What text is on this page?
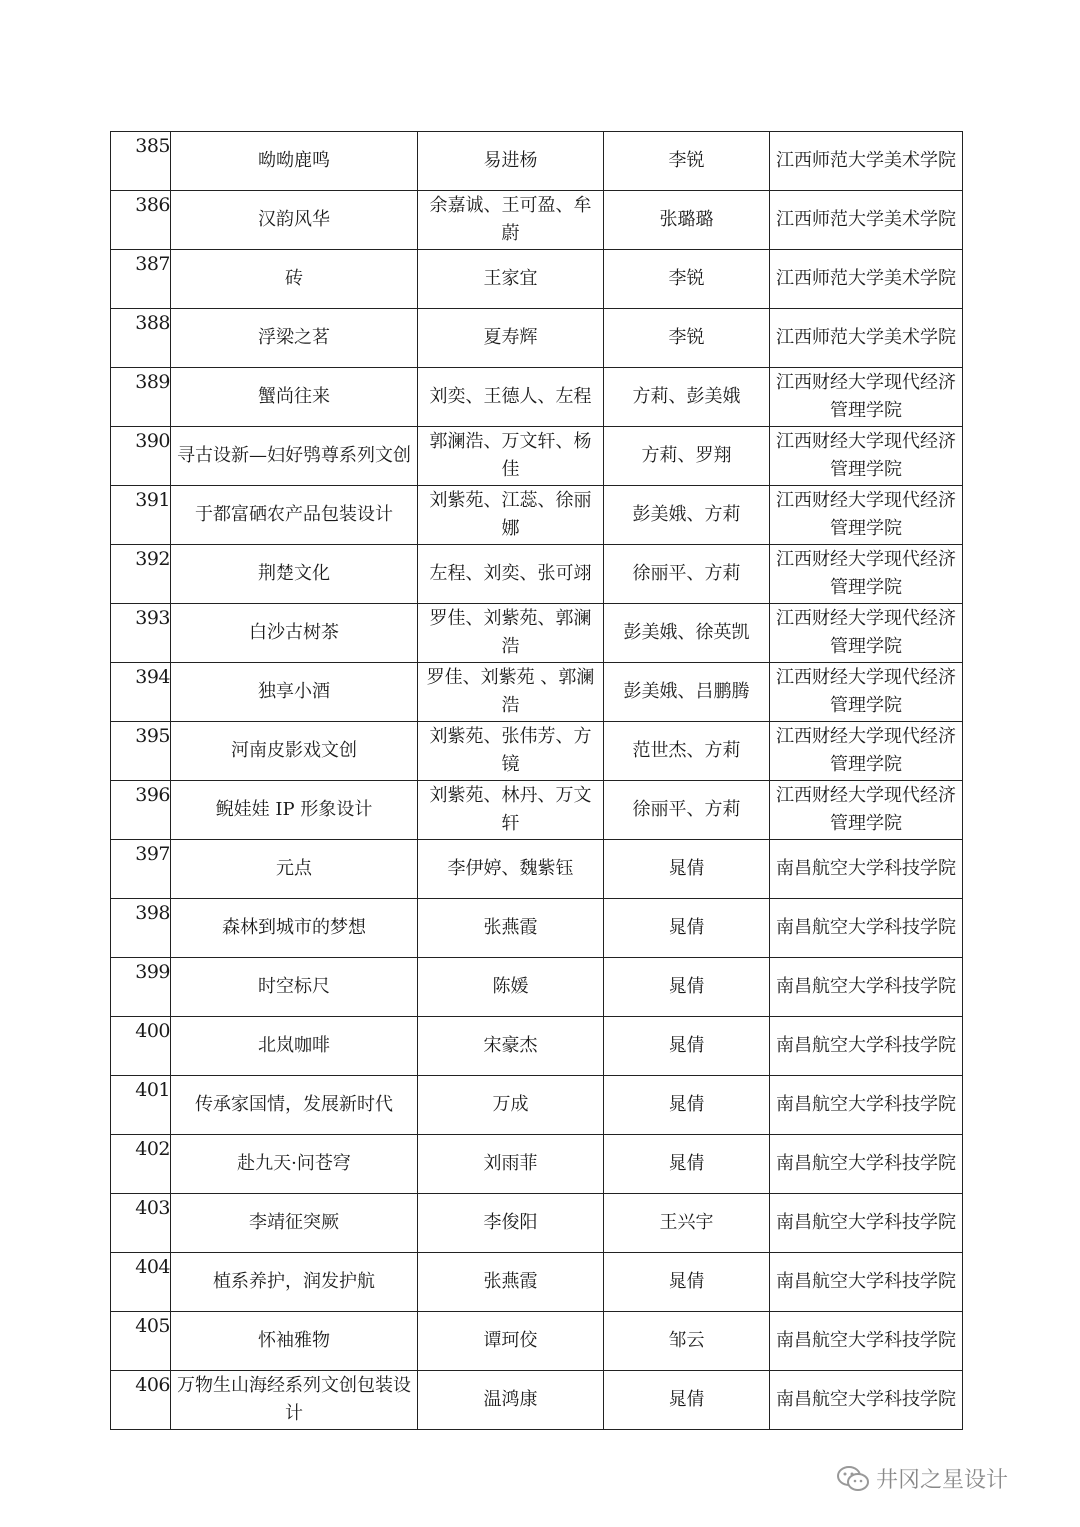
385	呦呦鹿鸣	易进杨	李锐	江西师范大学美术学院

386	汉韵风华	余嘉诚、王可盈、牟蔚	张璐璐	江西师范大学美术学院

387	砖	王家宜	李锐	江西师范大学美术学院

388	浮梁之茗	夏寿辉	李锐	江西师范大学美术学院

389	蟹尚往来	刘奕、王德人、左程	方莉、彭美娥	江西财经大学现代经济管理学院

390	寻古设新—妇好鸮尊系列文创	郭澜浩、万文轩、杨佳	方莉、罗翔	江西财经大学现代经济管理学院

391	于都富硒农产品包装设计	刘紫苑、江蕊、徐丽娜	彭美娥、方莉	江西财经大学现代经济管理学院

392	荆楚文化	左程、刘奕、张可翊	徐丽平、方莉	江西财经大学现代经济管理学院

393	白沙古树茶	罗佳、刘紫苑、郭澜浩	彭美娥、徐英凯	江西财经大学现代经济管理学院

394	独享小酒	罗佳、刘紫苑 、郭澜浩	彭美娥、吕鹏腾	江西财经大学现代经济管理学院

395	河南皮影戏文创	刘紫苑、张伟芳、方镜	范世杰、方莉	江西财经大学现代经济管理学院

396	鲵娃娃 IP 形象设计	刘紫苑、林丹、万文轩	徐丽平、方莉	江西财经大学现代经济管理学院

397	元点	李伊婷、魏紫钰	晁倩	南昌航空大学科技学院

398	森林到城市的梦想	张燕霞	晁倩	南昌航空大学科技学院

399	时空标尺	陈媛	晁倩	南昌航空大学科技学院

400	北岚咖啡	宋豪杰	晁倩	南昌航空大学科技学院

401	传承家国情，发展新时代	万成	晁倩	南昌航空大学科技学院

402	赴九天·问苍穹	刘雨菲	晁倩	南昌航空大学科技学院

403	李靖征突厥	李俊阳	王兴宇	南昌航空大学科技学院

404	植系养护，润发护航	张燕霞	晁倩	南昌航空大学科技学院

405	怀袖雅物	谭珂佼	邹云	南昌航空大学科技学院

406	万物生山海经系列文创包装设计	温鸿康	晁倩	南昌航空大学科技学院
井冈之星设计
